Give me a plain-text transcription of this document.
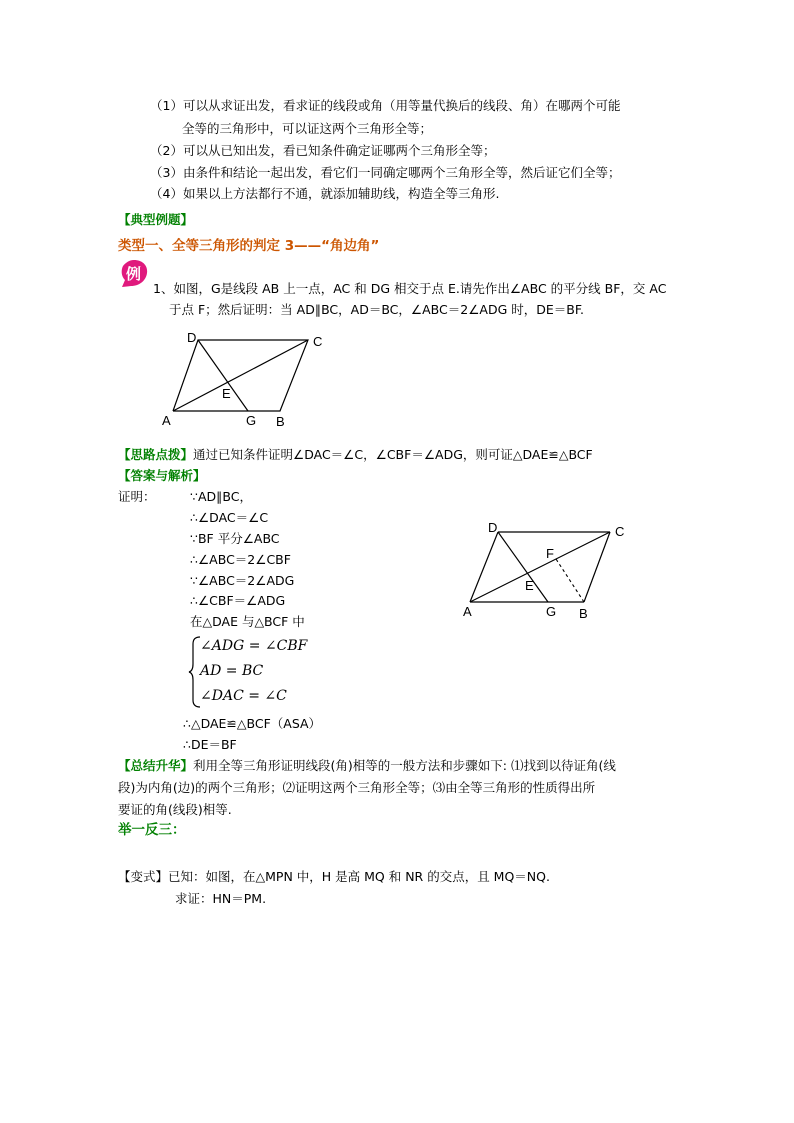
（1）可以从求证出发，看求证的线段或角（用等量代换后的线段、角）在哪两个可能
全等的三角形中，可以证这两个三角形全等；
（2）可以从已知出发，看已知条件确定证哪两个三角形全等；
（3）由条件和结论一起出发，看它们一同确定哪两个三角形全等，然后证它们全等；
（4）如果以上方法都行不通，就添加辅助线，构造全等三角形.
【典型例题】
类型一、全等三角形的判定 3——“角边角”
例
1、如图，G是线段 AB 上一点，AC 和 DG 相交于点 E.请先作出∠ABC 的平分线 BF，交 AC
于点 F；然后证明：当 AD∥BC，AD＝BC，∠ABC＝2∠ADG 时，DE＝BF.
D	C
E
A	G B
【思路点拨】通过已知条件证明∠DAC＝∠C，∠CBF＝∠ADG，则可证△DAE≌△BCF
【答案与解析】
证明：	∵AD∥BC，
∴∠DAC＝∠C
∵BF 平分∠ABC
∴∠ABC＝2∠CBF
∵∠ABC＝2∠ADG
∴∠CBF＝∠ADG
在△DAE 与△BCF 中
∠ADG = ∠CBF
AD = BC
∠DAC = ∠C
∴△DAE≌△BCF（ASA）
∴DE＝BF
D	C
F
E
A	G B
【总结升华】利用全等三角形证明线段(角)相等的一般方法和步骤如下: ⑴找到以待证角(线
段)为内角(边)的两个三角形；⑵证明这两个三角形全等；⑶由全等三角形的性质得出所
要证的角(线段)相等.
举一反三：
【变式】已知：如图，在△MPN 中，H 是高 MQ 和 NR 的交点，且 MQ＝NQ.
求证：HN＝PM.
